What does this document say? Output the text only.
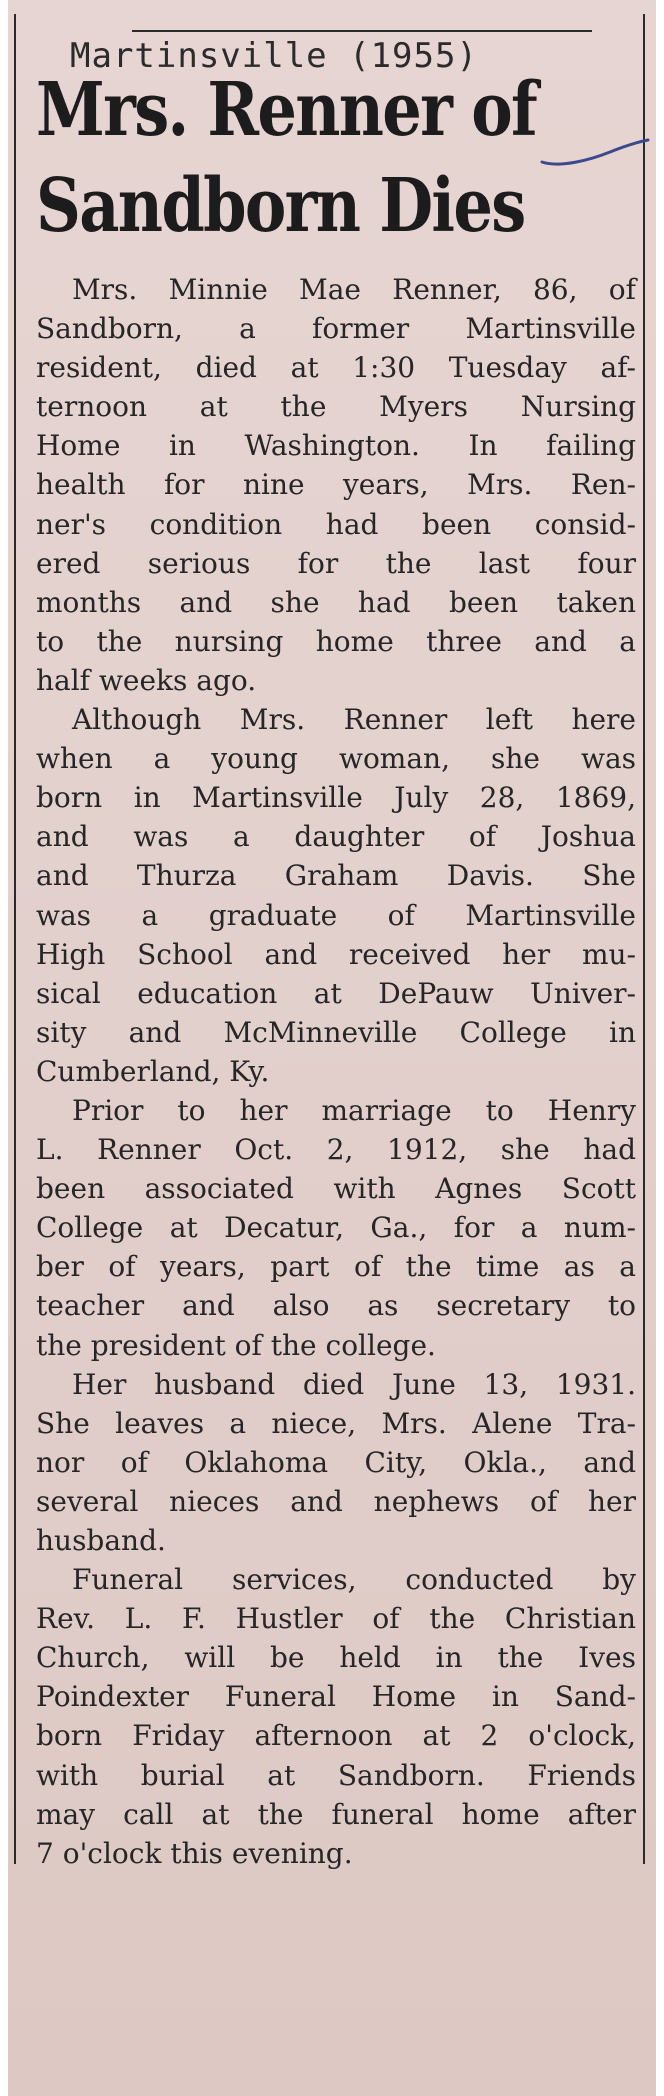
Martinsville (1955)
Mrs. Renner of
Sandborn Dies
Mrs. Minnie Mae Renner, 86, of
Sandborn, a former Martinsville
resident, died at 1:30 Tuesday af-
ternoon at the Myers Nursing
Home in Washington. In failing
health for nine years, Mrs. Ren-
ner's condition had been consid-
ered serious for the last four
months and she had been taken
to the nursing home three and a
half weeks ago.
Although Mrs. Renner left here
when a young woman, she was
born in Martinsville July 28, 1869,
and was a daughter of Joshua
and Thurza Graham Davis. She
was a graduate of Martinsville
High School and received her mu-
sical education at DePauw Univer-
sity and McMinneville College in
Cumberland, Ky.
Prior to her marriage to Henry
L. Renner Oct. 2, 1912, she had
been associated with Agnes Scott
College at Decatur, Ga., for a num-
ber of years, part of the time as a
teacher and also as secretary to
the president of the college.
Her husband died June 13, 1931.
She leaves a niece, Mrs. Alene Tra-
nor of Oklahoma City, Okla., and
several nieces and nephews of her
husband.
Funeral services, conducted by
Rev. L. F. Hustler of the Christian
Church, will be held in the Ives
Poindexter Funeral Home in Sand-
born Friday afternoon at 2 o'clock,
with burial at Sandborn. Friends
may call at the funeral home after
7 o'clock this evening.
